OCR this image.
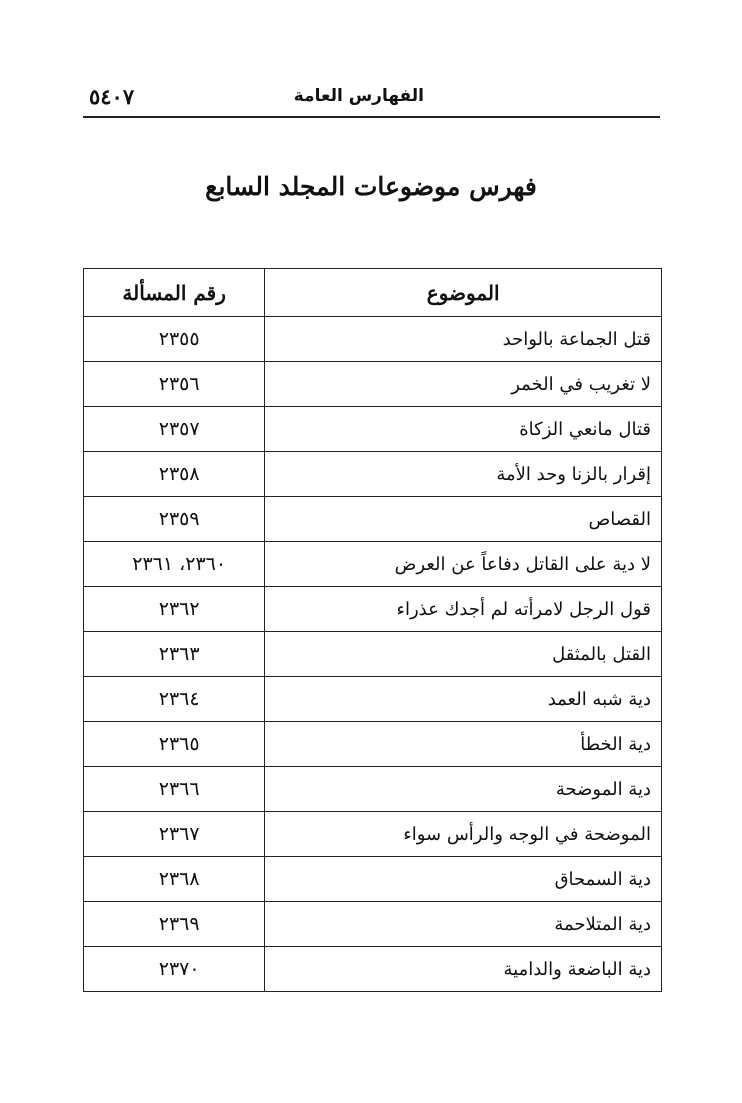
الفهارس العامة
٥٤٠٧
فهرس موضوعات المجلد السابع
الموضوع	رقم المسألة
قتل الجماعة بالواحد	٢٣٥٥
لا تغريب في الخمر	٢٣٥٦
قتال مانعي الزكاة	٢٣٥٧
إقرار بالزنا وحد الأمة	٢٣٥٨
القصاص	٢٣٥٩
لا دية على القاتل دفاعاً عن العرض	٢٣٦٠، ٢٣٦١
قول الرجل لامرأته لم أجدك عذراء	٢٣٦٢
القتل بالمثقل	٢٣٦٣
دية شبه العمد	٢٣٦٤
دية الخطأ	٢٣٦٥
دية الموضحة	٢٣٦٦
الموضحة في الوجه والرأس سواء	٢٣٦٧
دية السمحاق	٢٣٦٨
دية المتلاحمة	٢٣٦٩
دية الباضعة والدامية	٢٣٧٠
